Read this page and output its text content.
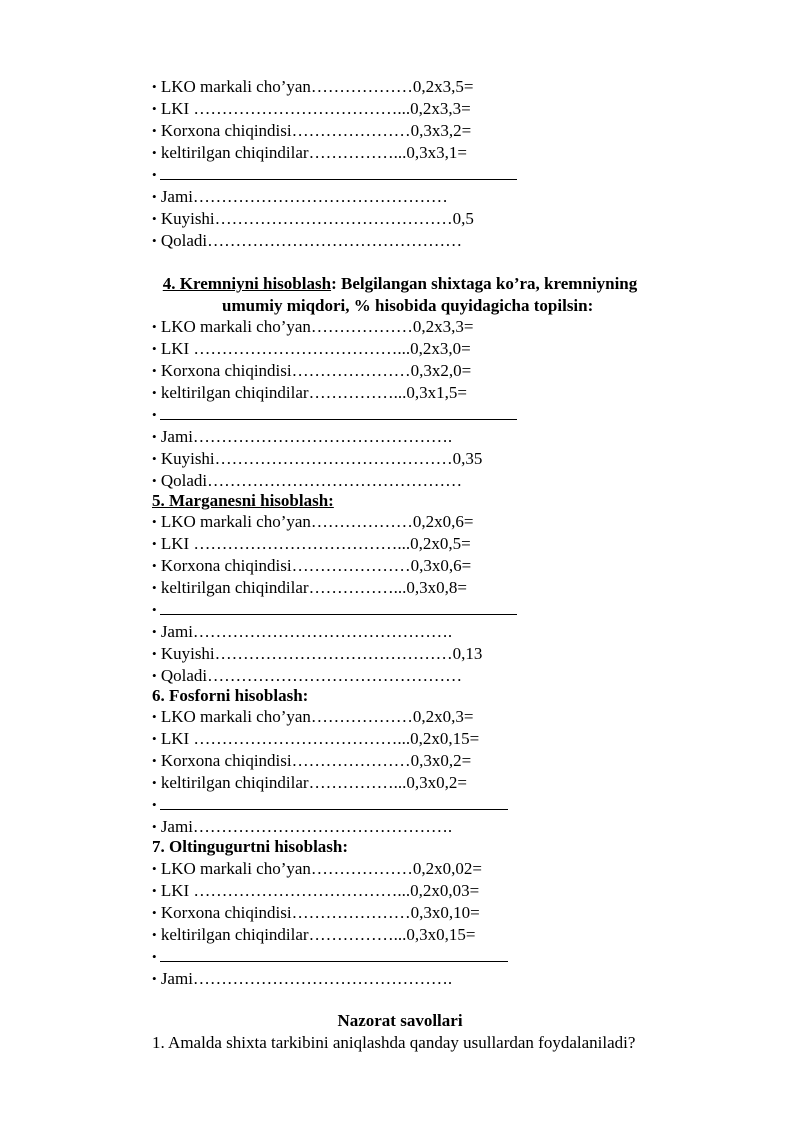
• LKO markali cho’yan………………0,2x3,5=
• LKI ………………………………...0,2x3,3=
• Korxona chiqindisi…………………0,3x3,2=
• keltirilgan chiqindilar……………...0,3x3,1=
•
• Jami………………………………………
• Kuyishi……………………………………0,5
• Qoladi………………………………………
4. Kremniyni hisoblash: Belgilangan shixtaga ko’ra, kremniyning
umumiy miqdori, % hisobida quyidagicha topilsin:
• LKO markali cho’yan………………0,2x3,3=
• LKI ………………………………...0,2x3,0=
• Korxona chiqindisi…………………0,3x2,0=
• keltirilgan chiqindilar……………...0,3x1,5=
•
• Jami……………………………………….
• Kuyishi……………………………………0,35
• Qoladi………………………………………
5. Marganesni hisoblash:
• LKO markali cho’yan………………0,2x0,6=
• LKI ………………………………...0,2x0,5=
• Korxona chiqindisi…………………0,3x0,6=
• keltirilgan chiqindilar……………...0,3x0,8=
•
• Jami……………………………………….
• Kuyishi……………………………………0,13
• Qoladi………………………………………
6. Fosforni hisoblash:
• LKO markali cho’yan………………0,2x0,3=
• LKI ………………………………...0,2x0,15=
• Korxona chiqindisi…………………0,3x0,2=
• keltirilgan chiqindilar……………...0,3x0,2=
•
• Jami……………………………………….
7. Oltingugurtni hisoblash:
• LKO markali cho’yan………………0,2x0,02=
• LKI ………………………………...0,2x0,03=
• Korxona chiqindisi…………………0,3x0,10=
• keltirilgan chiqindilar……………...0,3x0,15=
•
• Jami……………………………………….
Nazorat savollari
1. Amalda shixta tarkibini aniqlashda qanday usullardan foydalaniladi?
